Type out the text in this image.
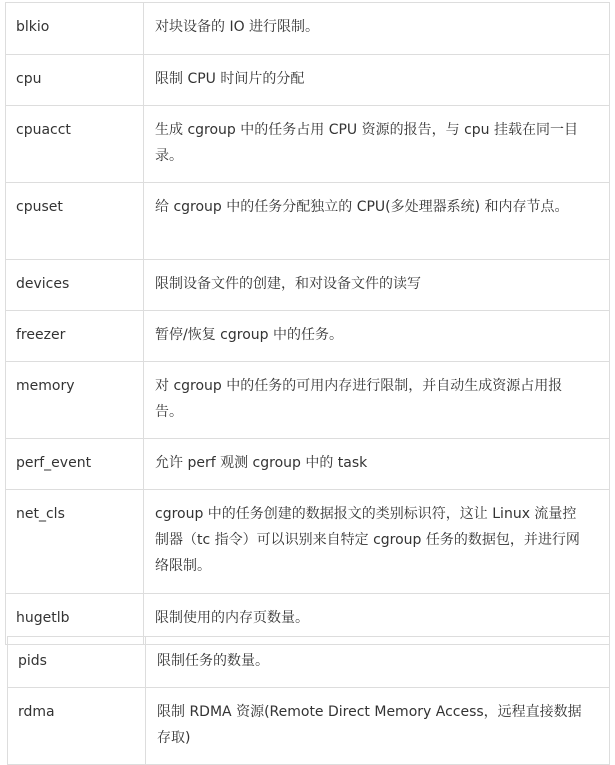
blkio	对块设备的 IO 进行限制。
cpu	限制 CPU 时间片的分配
cpuacct	生成 cgroup 中的任务占用 CPU 资源的报告，与 cpu 挂载在同一目录。
cpuset	给 cgroup 中的任务分配独立的 CPU(多处理器系统) 和内存节点。
devices	限制设备文件的创建，和对设备文件的读写
freezer	暂停/恢复 cgroup 中的任务。
memory	对 cgroup 中的任务的可用内存进行限制，并自动生成资源占用报告。
perf_event	允许 perf 观测 cgroup 中的 task
net_cls	cgroup 中的任务创建的数据报文的类别标识符，这让 Linux 流量控制器（tc 指令）可以识别来自特定 cgroup 任务的数据包，并进行网络限制。
hugetlb	限制使用的内存页数量。
pids	限制任务的数量。
rdma	限制 RDMA 资源(Remote Direct Memory Access，远程直接数据存取)
